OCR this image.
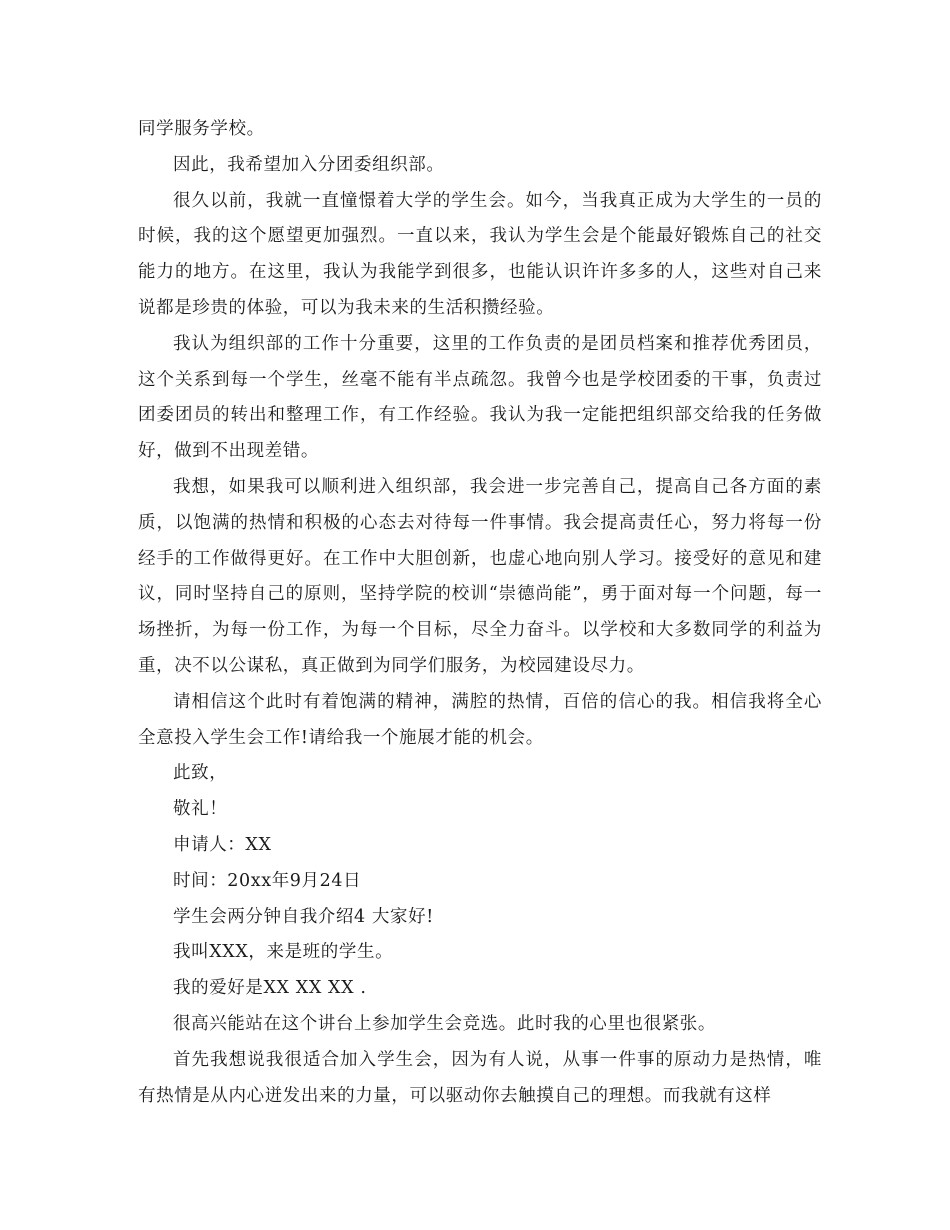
同学服务学校。

因此，我希望加入分团委组织部。

很久以前，我就一直憧憬着大学的学生会。如今，当我真正成为大学生的一员的时候，我的这个愿望更加强烈。一直以来，我认为学生会是个能最好锻炼自己的社交能力的地方。在这里，我认为我能学到很多，也能认识许许多多的人，这些对自己来说都是珍贵的体验，可以为我未来的生活积攒经验。

我认为组织部的工作十分重要，这里的工作负责的是团员档案和推荐优秀团员，这个关系到每一个学生，丝毫不能有半点疏忽。我曾今也是学校团委的干事，负责过团委团员的转出和整理工作，有工作经验。我认为我一定能把组织部交给我的任务做好，做到不出现差错。

我想，如果我可以顺利进入组织部，我会进一步完善自己，提高自己各方面的素质，以饱满的热情和积极的心态去对待每一件事情。我会提高责任心，努力将每一份经手的工作做得更好。在工作中大胆创新，也虚心地向别人学习。接受好的意见和建议，同时坚持自己的原则，坚持学院的校训“崇德尚能”，勇于面对每一个问题，每一场挫折，为每一份工作，为每一个目标，尽全力奋斗。以学校和大多数同学的利益为重，决不以公谋私，真正做到为同学们服务，为校园建设尽力。

请相信这个此时有着饱满的精神，满腔的热情，百倍的信心的我。相信我将全心全意投入学生会工作!请给我一个施展才能的机会。

此致，

敬礼！

申请人：XX

时间：20xx年9月24日

学生会两分钟自我介绍4 大家好!

我叫XXX，来是班的学生。

我的爱好是XX XX XX .

很高兴能站在这个讲台上参加学生会竞选。此时我的心里也很紧张。

首先我想说我很适合加入学生会，因为有人说，从事一件事的原动力是热情，唯有热情是从内心迸发出来的力量，可以驱动你去触摸自己的理想。而我就有这样
